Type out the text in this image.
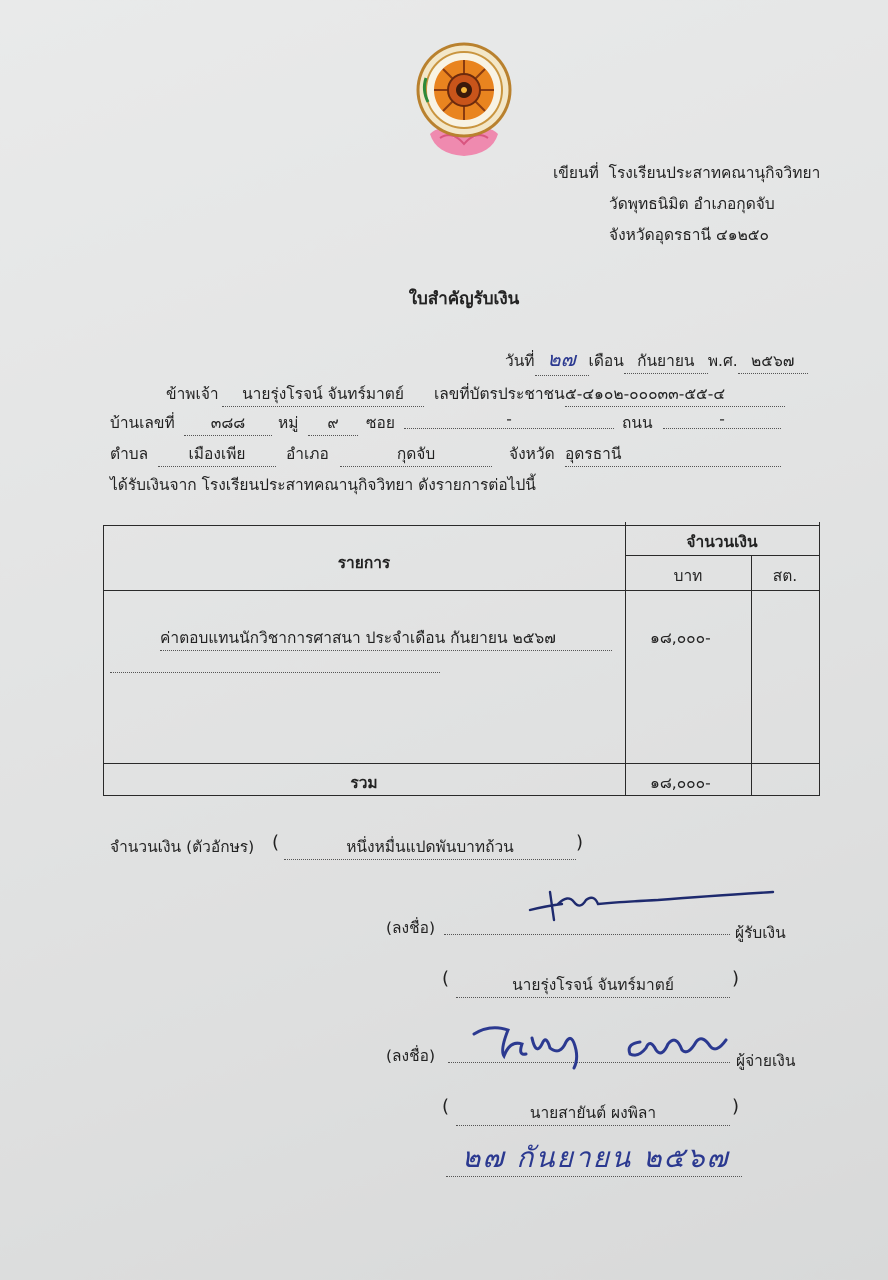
เขียนที่ โรงเรียนประสาทคณานุกิจวิทยา
วัดพุทธนิมิต อำเภอกุดจับ
จังหวัดอุดรธานี ๔๑๒๕๐
ใบสำคัญรับเงิน
วันที่ ๒๗ เดือน กันยายน พ.ศ. ๒๕๖๗
ข้าพเจ้า	นายรุ่งโรจน์ จันทร์มาตย์	เลขที่บัตรประชาชน ๕-๔๑๐๒-๐๐๐๓๓-๕๕-๔
บ้านเลขที่	๓๘๘	หมู่	๙	ซอย	-	ถนน	-
ตำบล	เมืองเพีย	อำเภอ	กุดจับ	จังหวัด อุดรธานี
ได้รับเงินจาก โรงเรียนประสาทคณานุกิจวิทยา ดังรายการต่อไปนี้
รายการ
จำนวนเงิน
บาท	สต.
ค่าตอบแทนนักวิชาการศาสนา ประจำเดือน กันยายน ๒๕๖๗	๑๘,๐๐๐-
รวม	๑๘,๐๐๐-
จำนวนเงิน (ตัวอักษร) (	หนึ่งหมื่นแปดพันบาทถ้วน	)
(ลงชื่อ)	ผู้รับเงิน
(	นายรุ่งโรจน์ จันทร์มาตย์	)
(ลงชื่อ)	ผู้จ่ายเงิน
(	นายสายันต์ ผงพิลา	)
๒๗ กันยายน ๒๕๖๗
